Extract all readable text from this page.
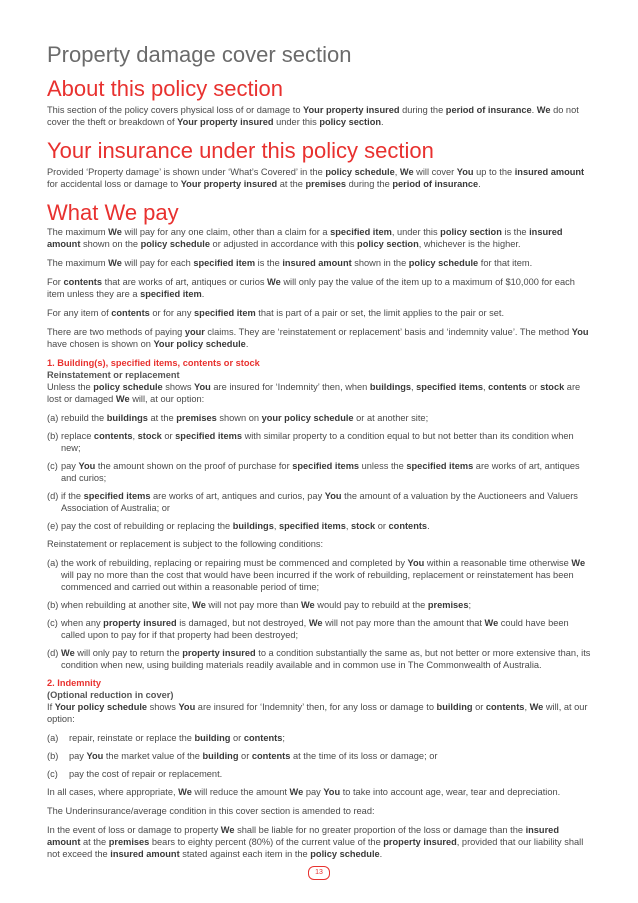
Property damage cover section
About this policy section

This section of the policy covers physical loss of or damage to Your property insured during the period of insurance. We do not cover the theft or breakdown of Your property insured under this policy section.

Your insurance under this policy section

Provided ‘Property damage’ is shown under ‘What’s Covered’ in the policy schedule, We will cover You up to the insured amount for accidental loss or damage to Your property insured at the premises during the period of insurance.

What We pay

The maximum We will pay for any one claim, other than a claim for a specified item, under this policy section is the insured amount shown on the policy schedule or adjusted in accordance with this policy section, whichever is the higher.

The maximum We will pay for each specified item is the insured amount shown in the policy schedule for that item.

For contents that are works of art, antiques or curios We will only pay the value of the item up to a maximum of $10,000 for each item unless they are a specified item.

For any item of contents or for any specified item that is part of a pair or set, the limit applies to the pair or set.

There are two methods of paying your claims. They are ‘reinstatement or replacement’ basis and ‘indemnity value’. The method You have chosen is shown on Your policy schedule.

1. Building(s), specified items, contents or stock
Reinstatement or replacement

Unless the policy schedule shows You are insured for ‘Indemnity’ then, when buildings, specified items, contents or stock are lost or damaged We will, at our option:

(a) rebuild the buildings at the premises shown on your policy schedule or at another site;
(b) replace contents, stock or specified items with similar property to a condition equal to but not better than its condition when new;
(c) pay You the amount shown on the proof of purchase for specified items unless the specified items are works of art, antiques and curios;
(d) if the specified items are works of art, antiques and curios, pay You the amount of a valuation by the Auctioneers and Valuers Association of Australia; or
(e) pay the cost of rebuilding or replacing the buildings, specified items, stock or contents.

Reinstatement or replacement is subject to the following conditions:

(a) the work of rebuilding, replacing or repairing must be commenced and completed by You within a reasonable time otherwise We will pay no more than the cost that would have been incurred if the work of rebuilding, replacement or reinstatement has been commenced and carried out within a reasonable period of time;
(b) when rebuilding at another site, We will not pay more than We would pay to rebuild at the premises;
(c) when any property insured is damaged, but not destroyed, We will not pay more than the amount that We could have been called upon to pay for if that property had been destroyed;
(d) We will only pay to return the property insured to a condition substantially the same as, but not better or more extensive than, its condition when new, using building materials readily available and in common use in The Commonwealth of Australia.
2. Indemnity
(Optional reduction in cover)

If Your policy schedule shows You are insured for ‘Indemnity’ then, for any loss or damage to building or contents, We will, at our option:

(a)	repair, reinstate or replace the building or contents;
(b)	pay You the market value of the building or contents at the time of its loss or damage; or
(c)	pay the cost of repair or replacement.

In all cases, where appropriate, We will reduce the amount We pay You to take into account age, wear, tear and depreciation.

The Underinsurance/average condition in this cover section is amended to read:

In the event of loss or damage to property We shall be liable for no greater proportion of the loss or damage than the insured amount at the premises bears to eighty percent (80%) of the current value of the property insured, provided that our liability shall not exceed the insured amount stated against each item in the policy schedule.

13
